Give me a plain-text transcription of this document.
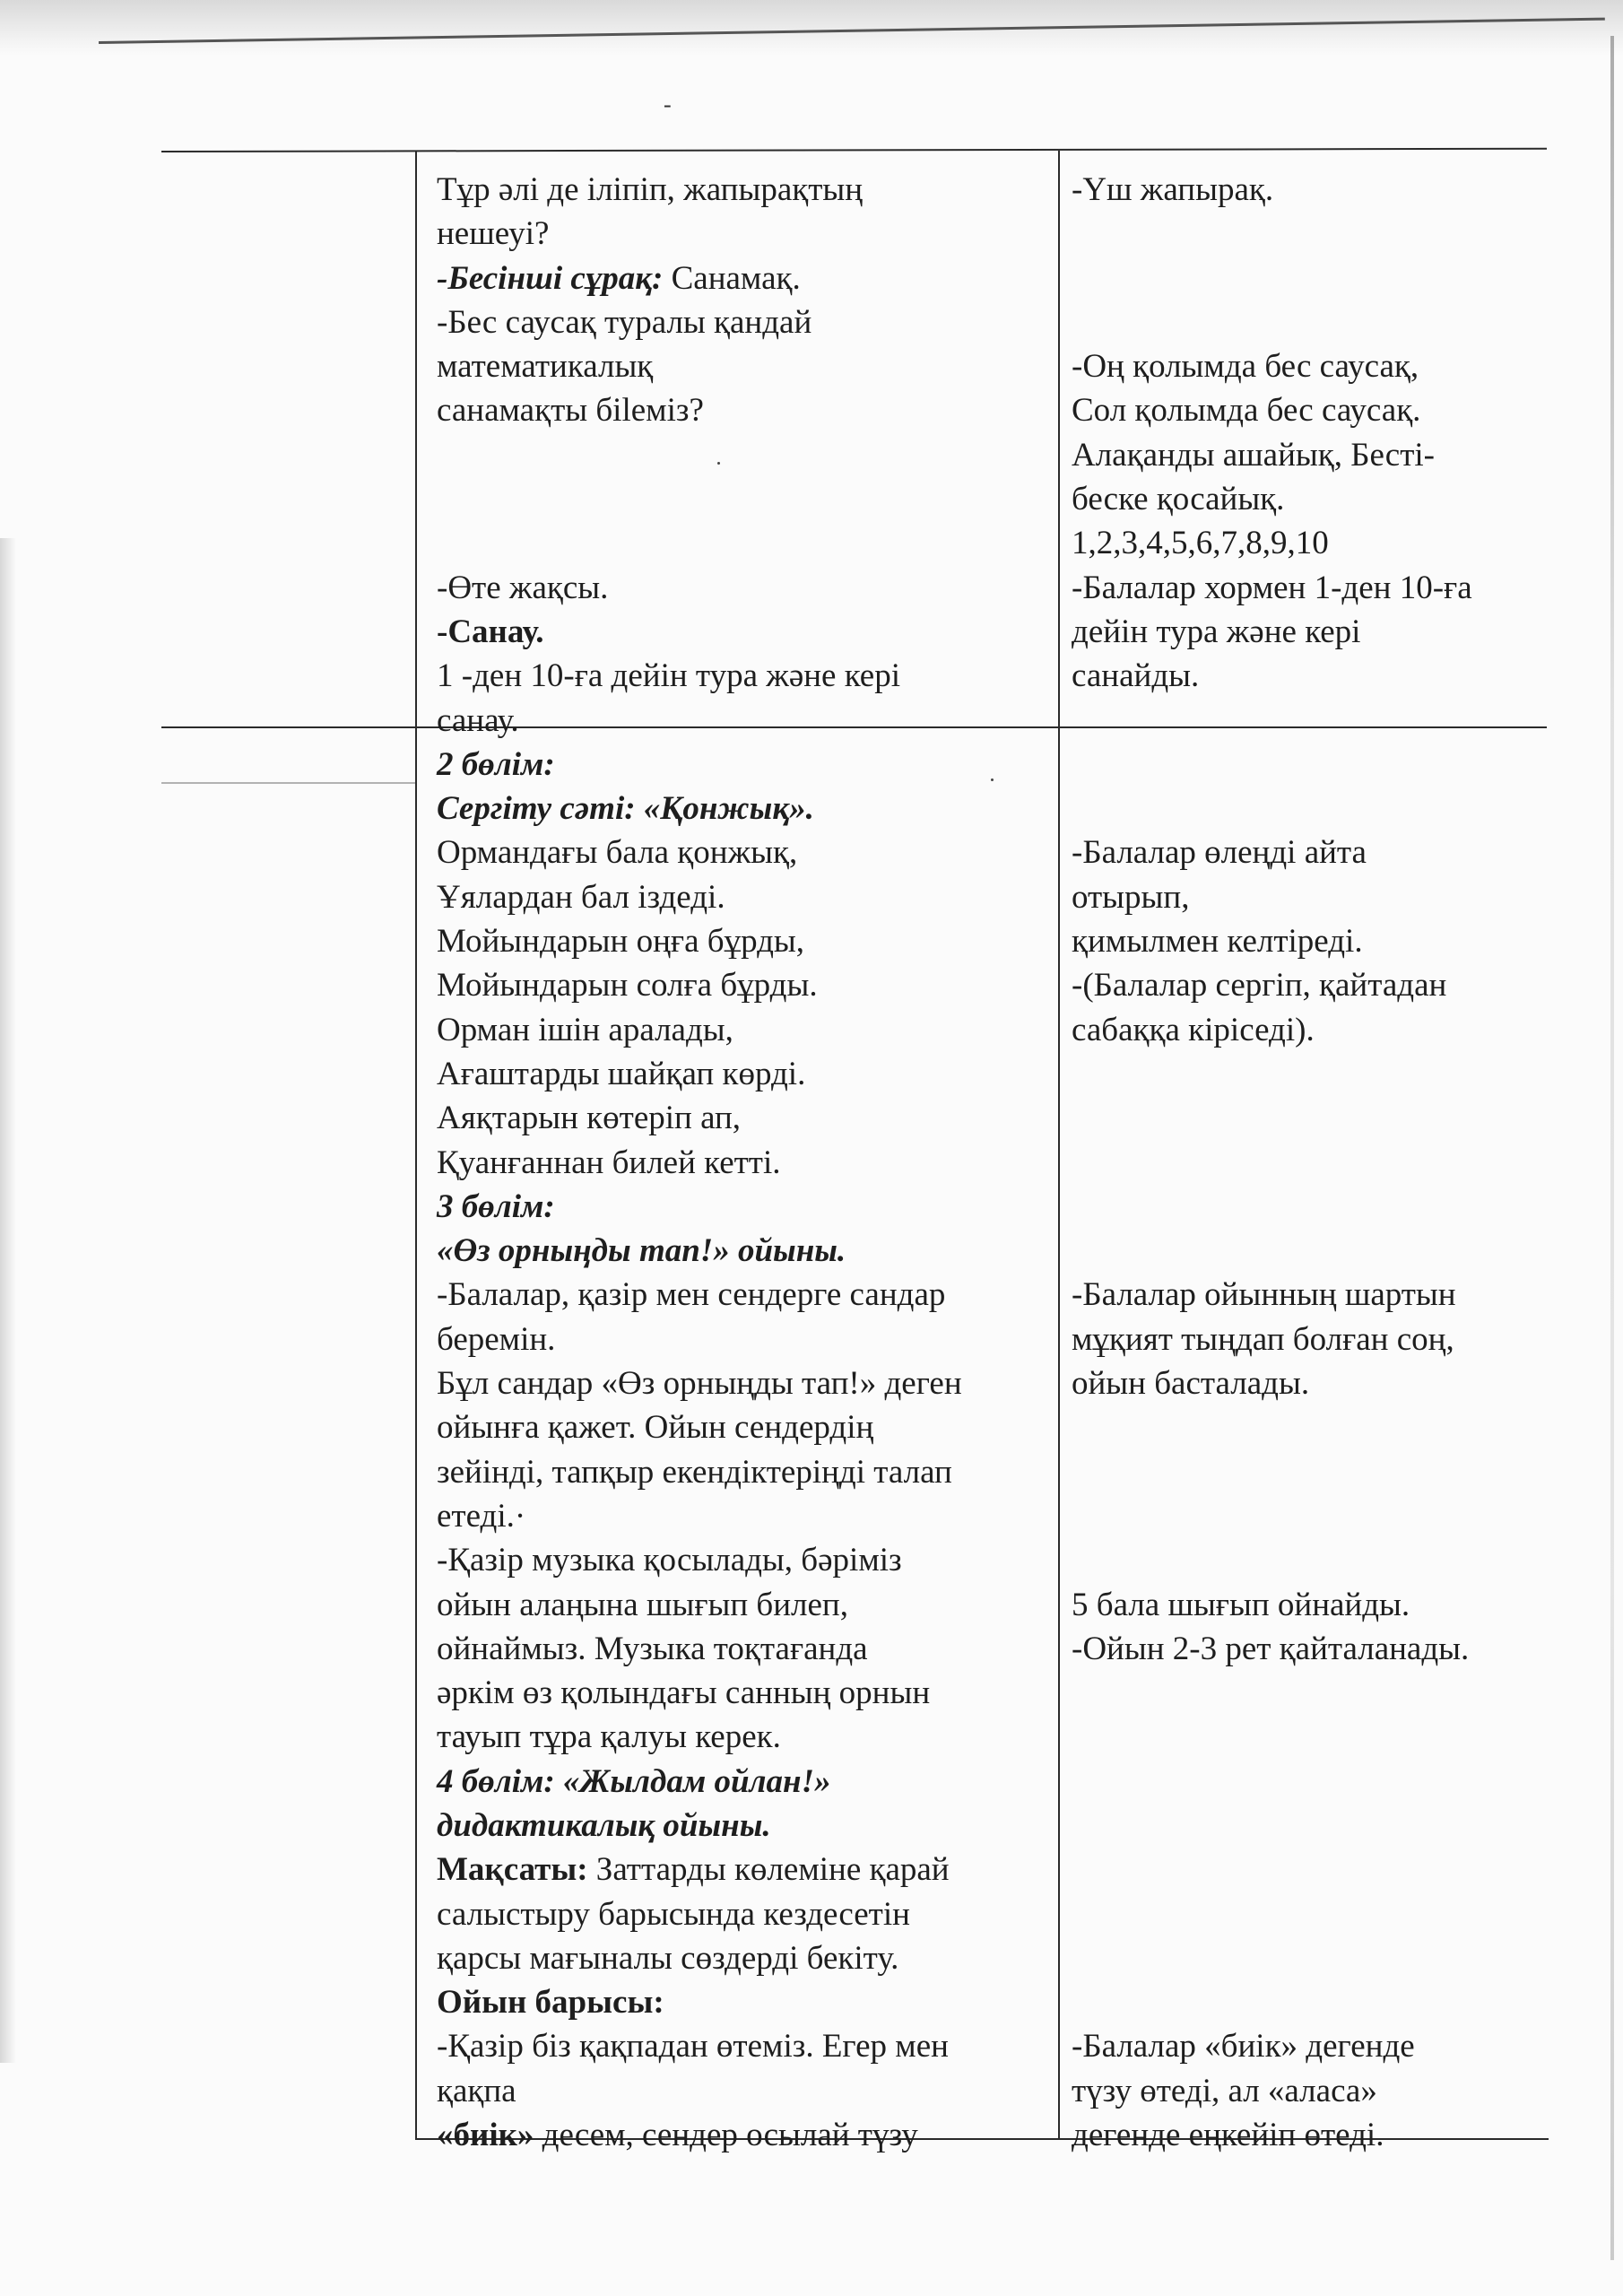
-
Тұр әлі де іліпіп, жапырақтың
нешеуі?
-Бесінші сұрақ: Санамақ.
-Бес саусақ туралы қандай
математикалық
санамақты біleміз?
-Өте жақсы.
-Санау.
1 -ден 10-ға дейін тура және кері
санау.
2 бөлім:
Сергіту сәті: «Қонжық».
Ормандағы бала қонжық,
Ұялардан бал іздеді.
Мойындарын оңға бұрды,
Мойындарын солға бұрды.
Орман ішін аралады,
Ағаштарды шайқап көрді.
Аяқтарын көтеріп ап,
Қуанғаннан билей кетті.
3 бөлім:
«Өз орныңды тап!» ойыны.
-Балалар, қазір мен сендерге сандар
беремін.
Бұл сандар «Өз орныңды тап!» деген
ойынға қажет. Ойын сендердің
зейінді, тапқыр екендіктеріңді талап
етеді.·
-Қазір музыка қосылады, бәріміз
ойын алаңына шығып билеп,
ойнаймыз. Музыка тоқтағанда
әркім өз қолындағы санның орнын
тауып тұра қалуы керек.
4 бөлім: «Жылдам ойлан!»
дидактикалық ойыны.
Мақсаты: Заттарды көлеміне қарай
салыстыру барысында кездесетін
қарсы мағыналы сөздерді бекіту.
Ойын барысы:
-Қазір біз қақпадан өтеміз. Егер мен
қақпа
«биік» десем, сендер осылай түзу
-Үш жапырақ.
-Оң қолымда бес саусақ,
Сол қолымда бес саусақ.
Алақанды ашайық, Бесті-
беске қосайық.
1,2,3,4,5,6,7,8,9,10
-Балалар хормен 1-ден 10-ға
дейін тура және кері
санайды.
-Балалар өлеңді айта
отырып,
қимылмен келтіреді.
-(Балалар сергіп, қайтадан
сабаққа кіріседі).
-Балалар ойынның шартын
мұқият тыңдап болған соң,
ойын басталады.
5 бала шығып ойнайды.
-Ойын 2-3 рет қайталанады.
-Балалар «биік» дегенде
түзу өтеді, ал «аласа»
дегенде еңкейіп өтеді.
